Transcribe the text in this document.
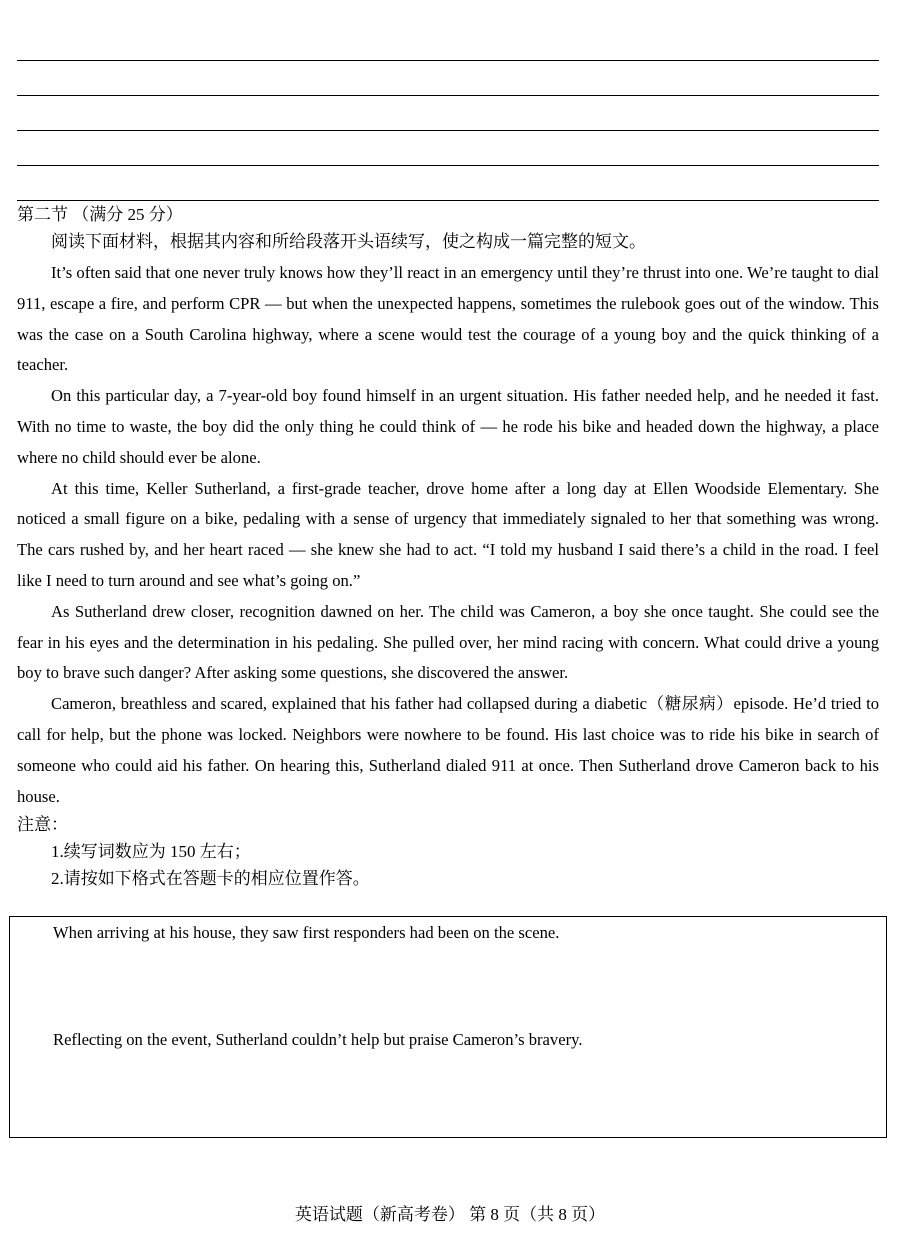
第二节 （满分 25 分）
阅读下面材料，根据其内容和所给段落开头语续写，使之构成一篇完整的短文。

It’s often said that one never truly knows how they’ll react in an emergency until they’re thrust into one. We’re taught to dial 911, escape a fire, and perform CPR — but when the unexpected happens, sometimes the rulebook goes out of the window. This was the case on a South Carolina highway, where a scene would test the courage of a young boy and the quick thinking of a teacher.

On this particular day, a 7-year-old boy found himself in an urgent situation. His father needed help, and he needed it fast. With no time to waste, the boy did the only thing he could think of — he rode his bike and headed down the highway, a place where no child should ever be alone.

At this time, Keller Sutherland, a first-grade teacher, drove home after a long day at Ellen Woodside Elementary. She noticed a small figure on a bike, pedaling with a sense of urgency that immediately signaled to her that something was wrong. The cars rushed by, and her heart raced — she knew she had to act. “I told my husband I said there’s a child in the road. I feel like I need to turn around and see what’s going on.”

As Sutherland drew closer, recognition dawned on her. The child was Cameron, a boy she once taught. She could see the fear in his eyes and the determination in his pedaling. She pulled over, her mind racing with concern. What could drive a young boy to brave such danger? After asking some questions, she discovered the answer.

Cameron, breathless and scared, explained that his father had collapsed during a diabetic（糖尿病）episode. He’d tried to call for help, but the phone was locked. Neighbors were nowhere to be found. His last choice was to ride his bike in search of someone who could aid his father. On hearing this, Sutherland dialed 911 at once. Then Sutherland drove Cameron back to his house.

注意：
1.续写词数应为 150 左右；
2.请按如下格式在答题卡的相应位置作答。
When arriving at his house, they saw first responders had been on the scene.
Reflecting on the event, Sutherland couldn’t help but praise Cameron’s bravery.
英语试题（新高考卷） 第 8 页（共 8 页）
